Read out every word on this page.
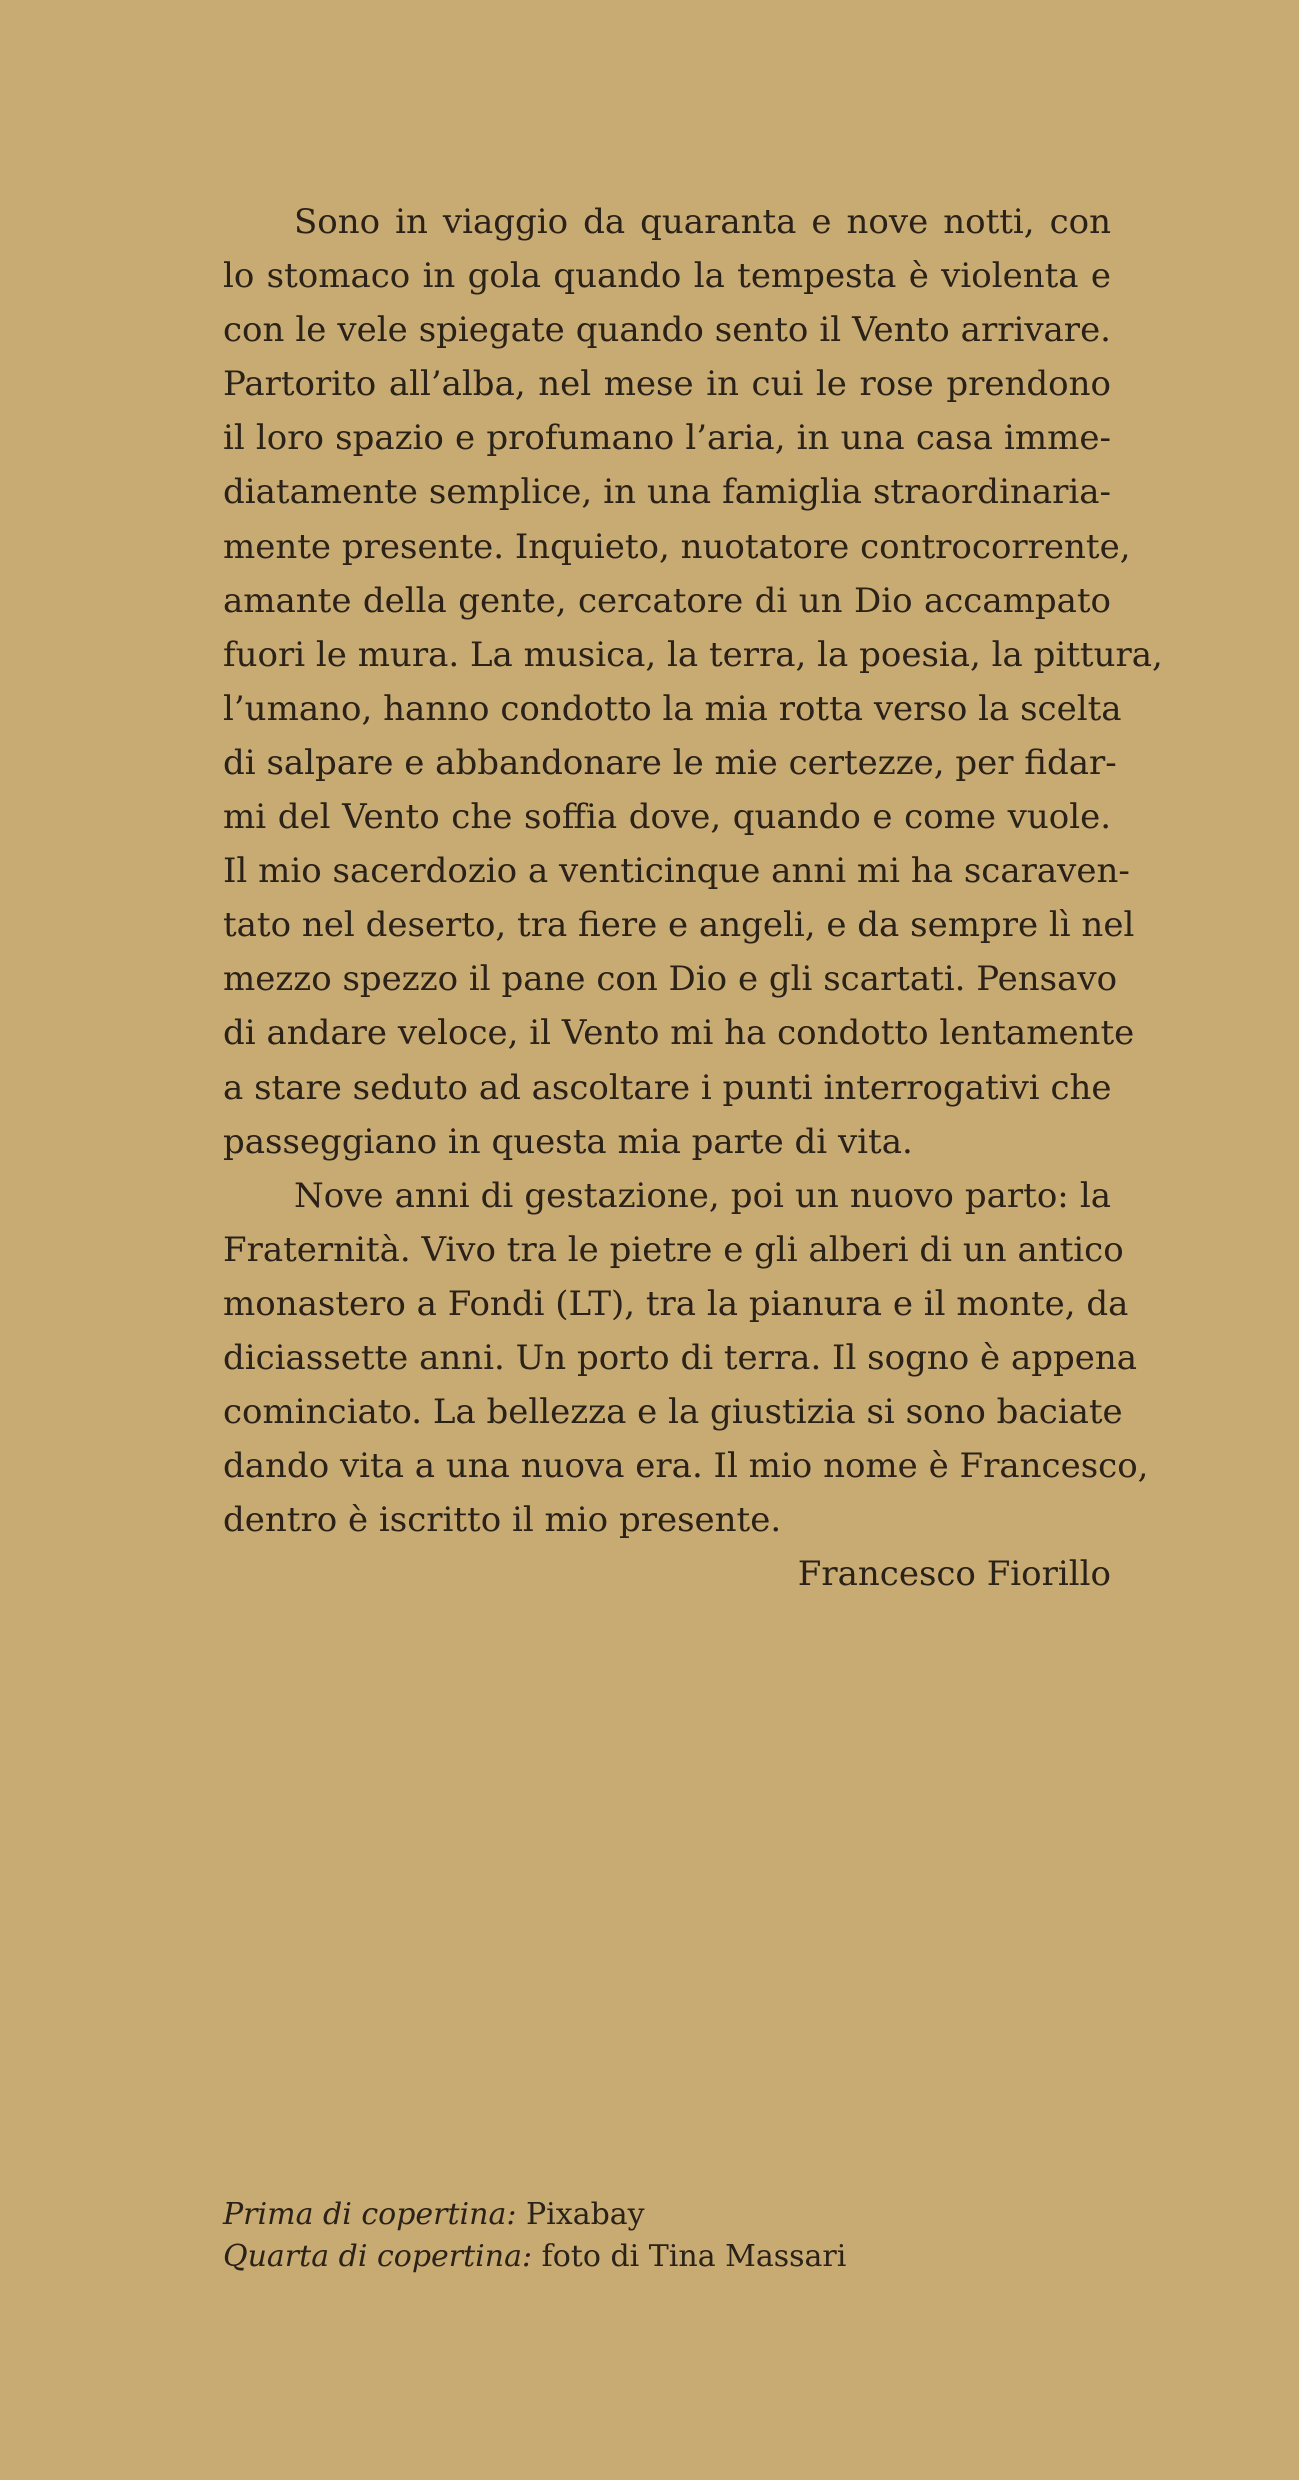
Sono in viaggio da quaranta e nove notti, con
lo stomaco in gola quando la tempesta è violenta e
con le vele spiegate quando sento il Vento arrivare.
Partorito all’alba, nel mese in cui le rose prendono
il loro spazio e profumano l’aria, in una casa imme-
diatamente semplice, in una famiglia straordinaria-
mente presente. Inquieto, nuotatore controcorrente,
amante della gente, cercatore di un Dio accampato
fuori le mura. La musica, la terra, la poesia, la pittura,
l’umano, hanno condotto la mia rotta verso la scelta
di salpare e abbandonare le mie certezze, per fidar-
mi del Vento che soffia dove, quando e come vuole.
Il mio sacerdozio a venticinque anni mi ha scaraven-
tato nel deserto, tra fiere e angeli, e da sempre lì nel
mezzo spezzo il pane con Dio e gli scartati. Pensavo
di andare veloce, il Vento mi ha condotto lentamente
a stare seduto ad ascoltare i punti interrogativi che
passeggiano in questa mia parte di vita.
Nove anni di gestazione, poi un nuovo parto: la
Fraternità. Vivo tra le pietre e gli alberi di un antico
monastero a Fondi (LT), tra la pianura e il monte, da
diciassette anni. Un porto di terra. Il sogno è appena
cominciato. La bellezza e la giustizia si sono baciate
dando vita a una nuova era. Il mio nome è Francesco,
dentro è iscritto il mio presente.
Francesco Fiorillo
Prima di copertina: Pixabay
Quarta di copertina: foto di Tina Massari
